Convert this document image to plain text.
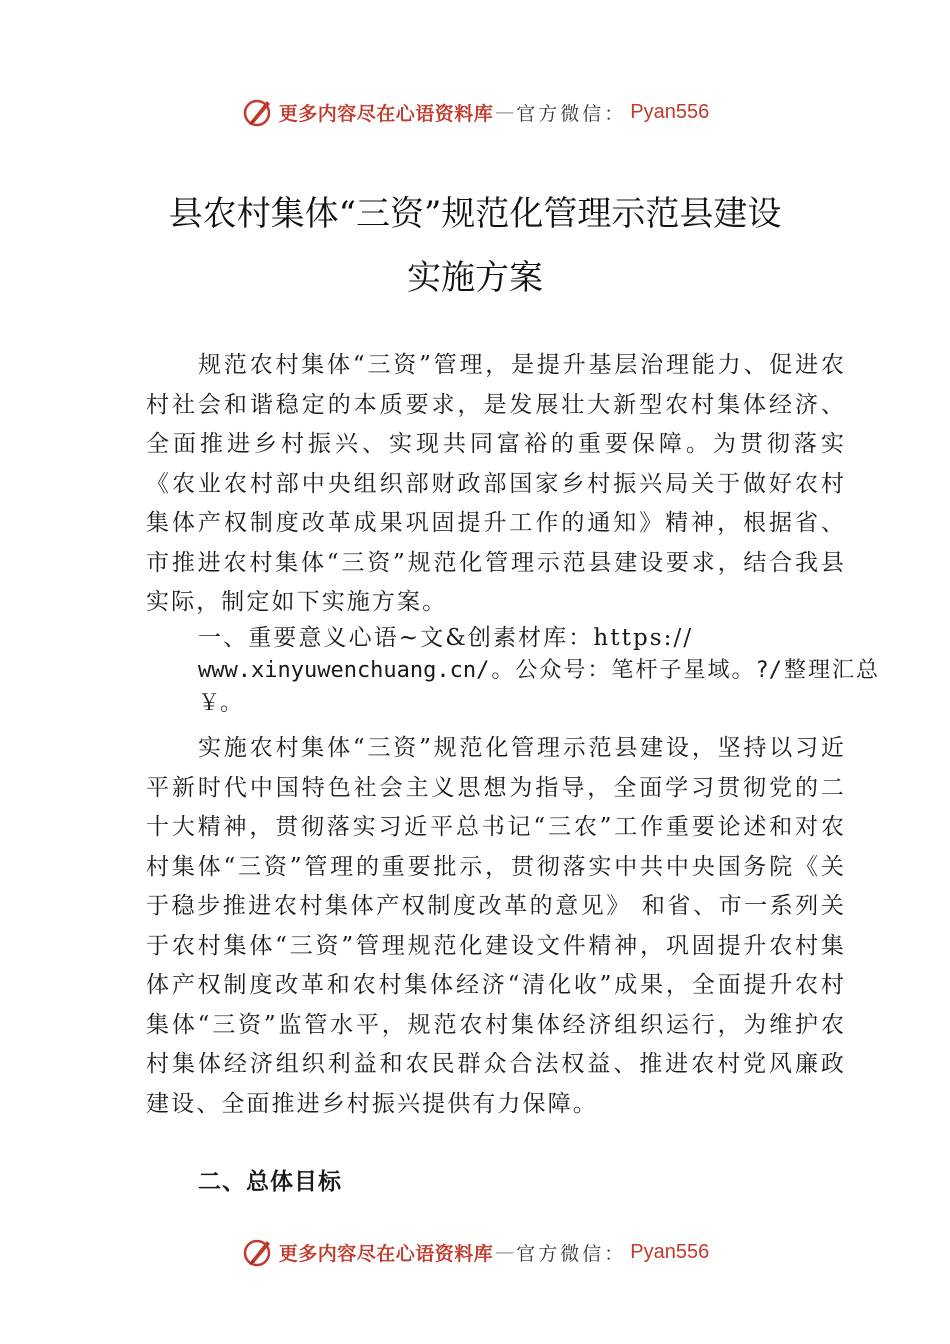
更多内容尽在心语资料库 — 官方微信： Pyan556
县农村集体“三资”规范化管理示范县建设
实施方案

规范农村集体“三资”管理，是提升基层治理能力、促进农村社会和谐稳定的本质要求，是发展壮大新型农村集体经济、全面推进乡村振兴、实现共同富裕的重要保障。为贯彻落实《农业农村部中央组织部财政部国家乡村振兴局关于做好农村集体产权制度改革成果巩固提升工作的通知》精神，根据省、市推进农村集体“三资”规范化管理示范县建设要求，结合我县实际，制定如下实施方案。

一、重要意义心语~文&创素材库：https://
www.xinyuwenchuang.cn/。公众号：笔杆子星域。?/整理汇总￥。

实施农村集体“三资”规范化管理示范县建设，坚持以习近平新时代中国特色社会主义思想为指导，全面学习贯彻党的二十大精神，贯彻落实习近平总书记“三农”工作重要论述和对农村集体“三资”管理的重要批示，贯彻落实中共中央国务院《关于稳步推进农村集体产权制度改革的意见》 和省、市一系列关于农村集体“三资”管理规范化建设文件精神，巩固提升农村集体产权制度改革和农村集体经济“清化收”成果，全面提升农村集体“三资”监管水平，规范农村集体经济组织运行，为维护农村集体经济组织利益和农民群众合法权益、推进农村党风廉政建设、全面推进乡村振兴提供有力保障。

二、总体目标
更多内容尽在心语资料库 — 官方微信： Pyan556
